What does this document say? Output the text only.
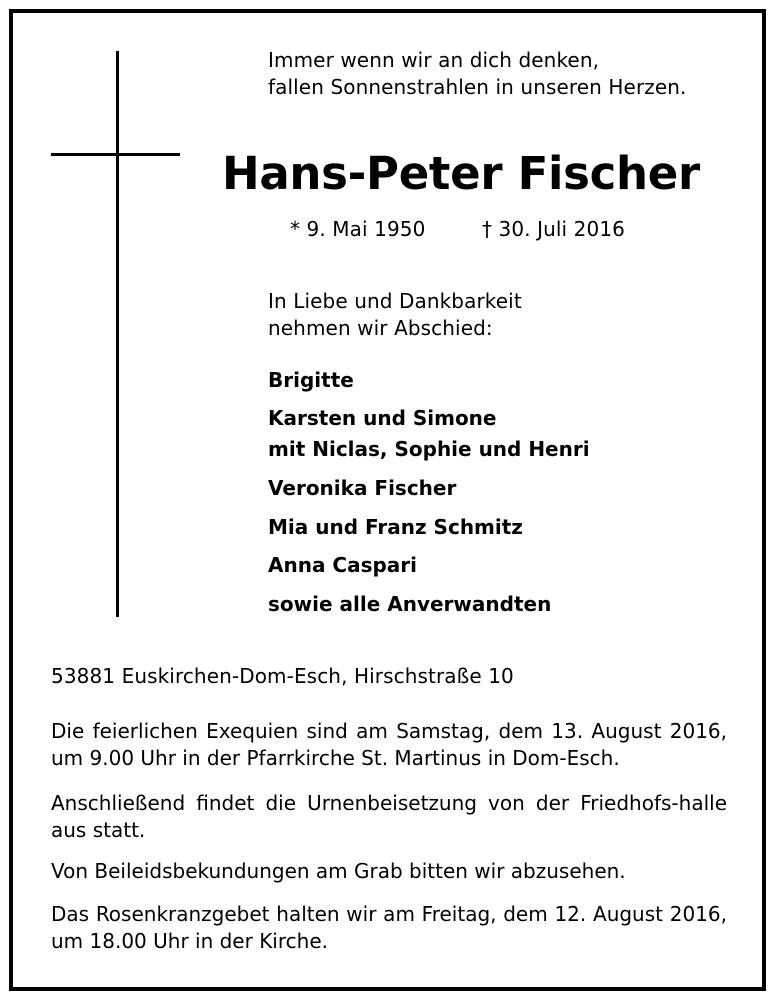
Immer wenn wir an dich denken,
fallen Sonnenstrahlen in unseren Herzen.
Hans-Peter Fischer
* 9. Mai 1950	† 30. Juli 2016
In Liebe und Dankbarkeit
nehmen wir Abschied:
Brigitte
Karsten und Simone
mit Niclas, Sophie und Henri
Veronika Fischer
Mia und Franz Schmitz
Anna Caspari
sowie alle Anverwandten
53881 Euskirchen-Dom-Esch, Hirschstraße 10
Die feierlichen Exequien sind am Samstag, dem 13. August 2016, um 9.00 Uhr in der Pfarrkirche St. Martinus in Dom-Esch.
Anschließend findet die Urnenbeisetzung von der Friedhofs-halle aus statt.
Von Beileidsbekundungen am Grab bitten wir abzusehen.
Das Rosenkranzgebet halten wir am Freitag, dem 12. August 2016, um 18.00 Uhr in der Kirche.
